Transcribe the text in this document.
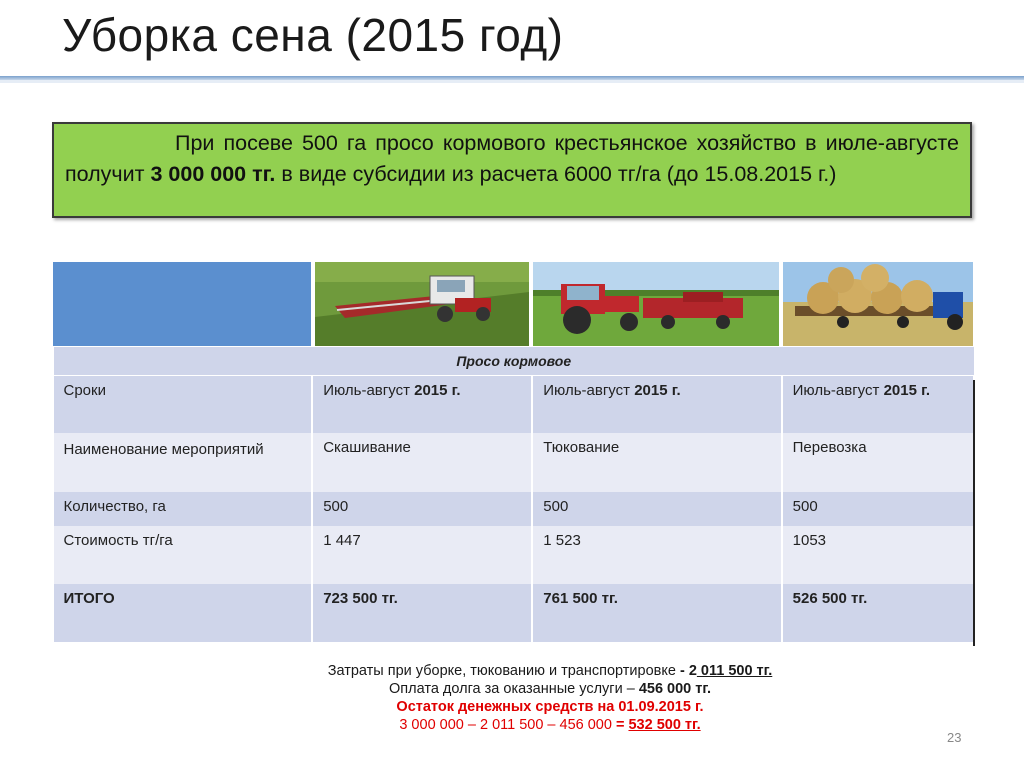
Уборка сена (2015 год)

При посеве 500 га просо кормового крестьянское хозяйство в июле-августе получит 3 000 000 тг. в виде субсидии из расчета 6000 тг/га (до 15.08.2015 г.)

Просо кормовое			
Сроки	Июль-август 2015 г.	Июль-август 2015 г.	Июль-август 2015 г.
Наименование мероприятий	Скашивание	Тюкование	Перевозка
Количество, га	500	500	500
Стоимость тг/га	1 447	1 523	1053
ИТОГО	723 500 тг.	761 500 тг.	526 500 тг.
Затраты при уборке, тюкованию и транспортировке - 2 011 500 тг.
Оплата долга за оказанные услуги – 456 000 тг.
Остаток денежных средств на 01.09.2015 г.
3 000 000 – 2 011 500 – 456 000 = 532 500 тг.
23
